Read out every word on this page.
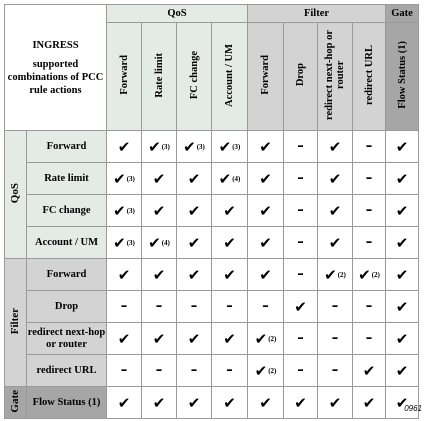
INGRESS
supported combinations of PCC rule actions		QoS				Filter				Gate
		Forward	Rate limit	FC change	Account / UM	Forward	Drop	redirect next-hop or router	redirect URL	Flow Status (1)
QoS	Forward	✔	✔$^{(3)}$	✔$^{(3)}$	✔$^{(3)}$	✔	–	✔	–	✔
	Rate limit	✔$^{(3)}$	✔	✔	✔$^{(4)}$	✔	–	✔	–	✔
	FC change	✔$^{(3)}$	✔	✔	✔	✔	–	✔	–	✔
	Account / UM	✔$^{(3)}$	✔$^{(4)}$	✔	✔	✔	–	✔	–	✔
Filter	Forward	✔	✔	✔	✔	✔	–	✔$^{(2)}$	✔$^{(2)}$	✔
	Drop	–	–	–	–	–	✔	–	–	✔
	redirect next-hop or router	✔	✔	✔	✔	✔$^{(2)}$	–	–	–	✔
	redirect URL	–	–	–	–	✔$^{(2)}$	–	–	✔	✔
Gate	Flow Status (1)	✔	✔	✔	✔	✔	✔	✔	✔	✔
0961
